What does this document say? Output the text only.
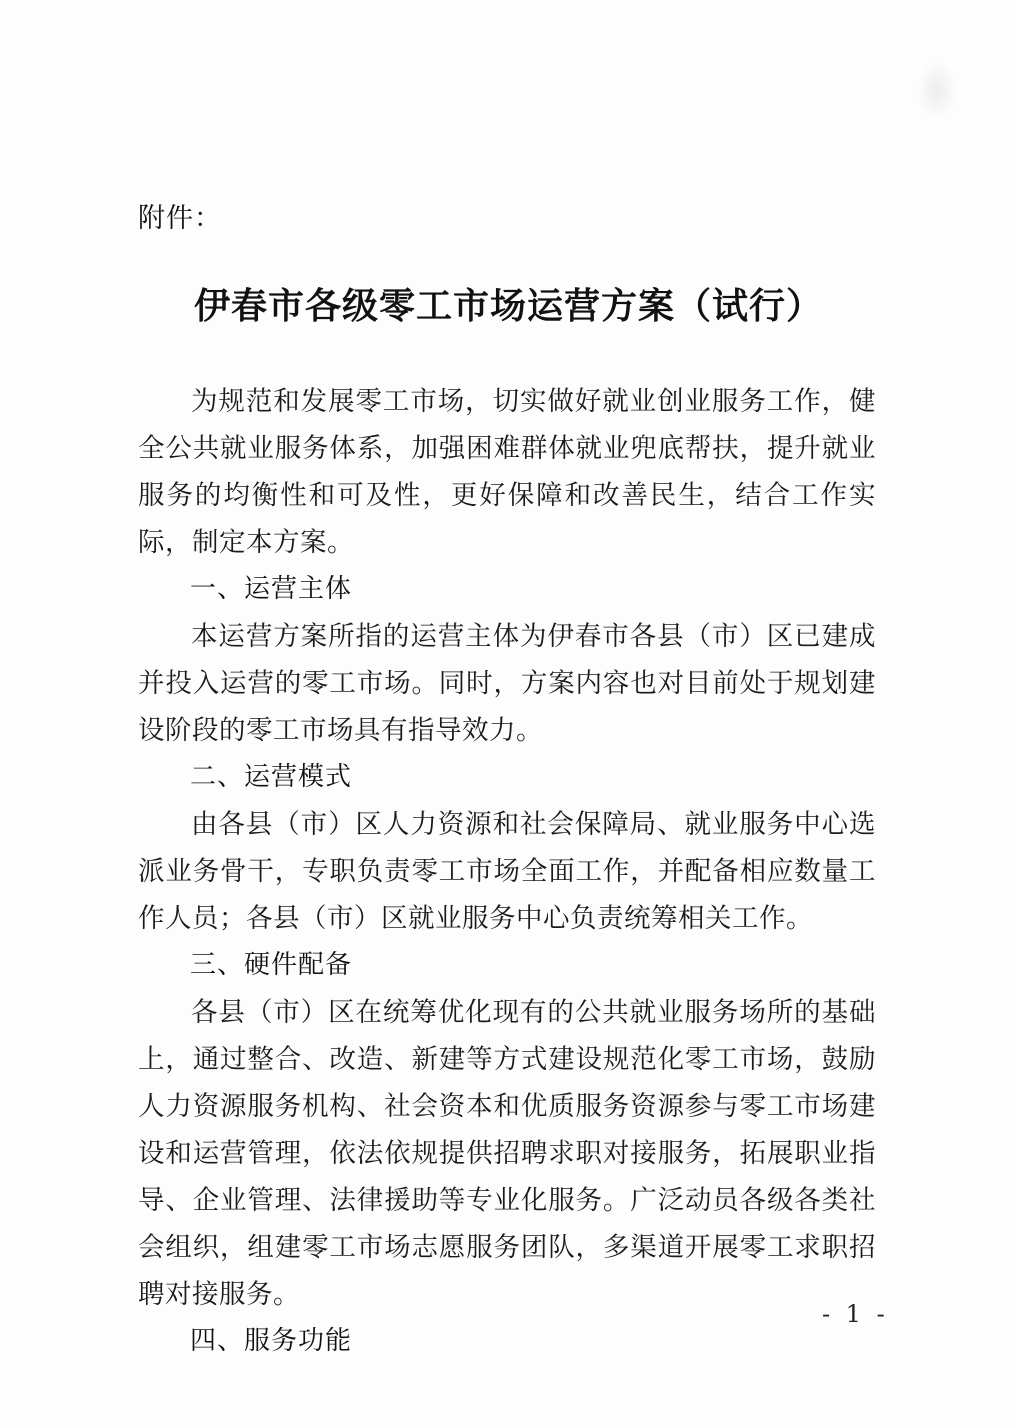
附件：
伊春市各级零工市场运营方案（试行）

为规范和发展零工市场，切实做好就业创业服务工作，健全公共就业服务体系，加强困难群体就业兜底帮扶，提升就业服务的均衡性和可及性，更好保障和改善民生，结合工作实际，制定本方案。

一、运营主体

本运营方案所指的运营主体为伊春市各县（市）区已建成并投入运营的零工市场。同时，方案内容也对目前处于规划建设阶段的零工市场具有指导效力。

二、运营模式

由各县（市）区人力资源和社会保障局、就业服务中心选派业务骨干，专职负责零工市场全面工作，并配备相应数量工作人员；各县（市）区就业服务中心负责统筹相关工作。

三、硬件配备

各县（市）区在统筹优化现有的公共就业服务场所的基础上，通过整合、改造、新建等方式建设规范化零工市场，鼓励人力资源服务机构、社会资本和优质服务资源参与零工市场建设和运营管理，依法依规提供招聘求职对接服务，拓展职业指导、企业管理、法律援助等专业化服务。广泛动员各级各类社会组织，组建零工市场志愿服务团队，多渠道开展零工求职招聘对接服务。

四、服务功能

- 1 -
